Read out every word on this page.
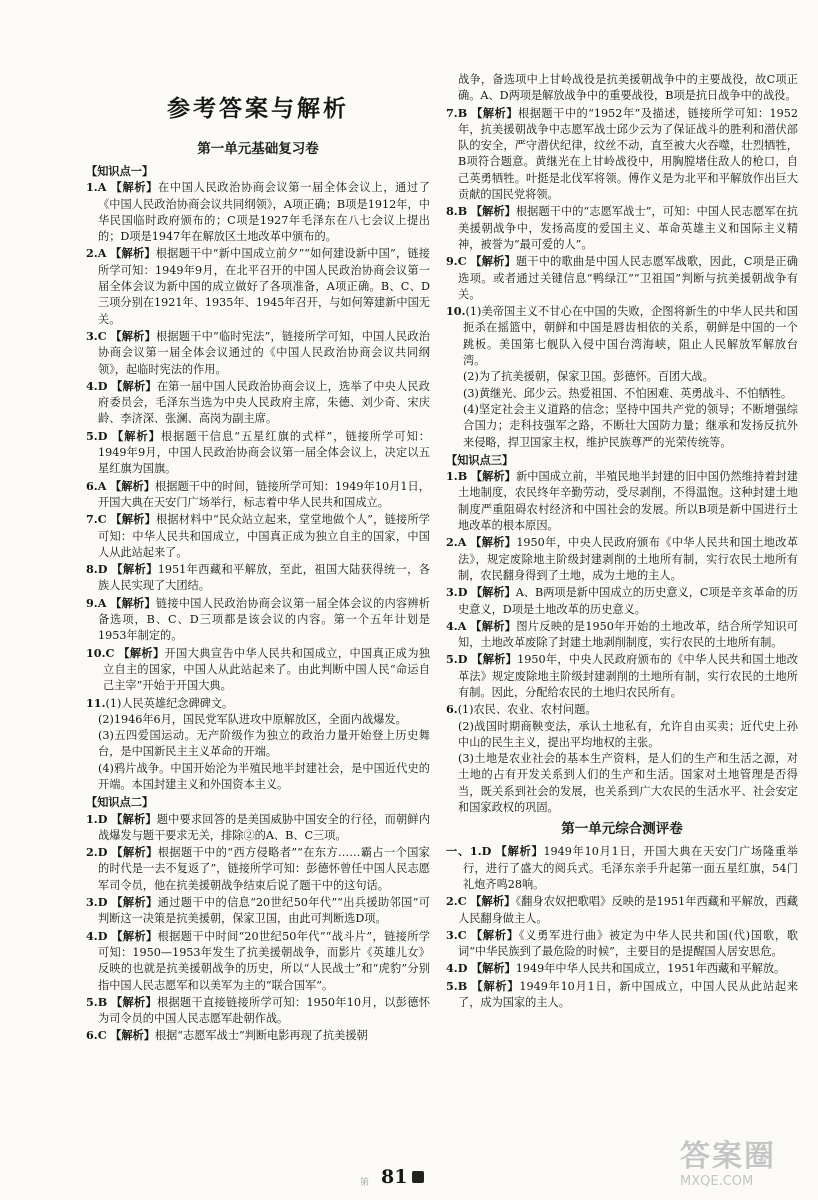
参考答案与解析
第一单元基础复习卷
【知识点一】
1.A 【解析】在中国人民政治协商会议第一届全体会议上，通过了《中国人民政治协商会议共同纲领》，A项正确；B项是1912年，中华民国临时政府颁布的；C项是1927年毛泽东在八七会议上提出的；D项是1947年在解放区土地改革中颁布的。
2.A 【解析】根据题干中“新中国成立前夕”“如何建设新中国”，链接所学可知：1949年9月，在北平召开的中国人民政治协商会议第一届全体会议为新中国的成立做好了各项准备，A项正确。B、C、D三项分别在1921年、1935年、1945年召开，与如何筹建新中国无关。
3.C 【解析】根据题干中“临时宪法”，链接所学可知，中国人民政治协商会议第一届全体会议通过的《中国人民政治协商会议共同纲领》，起临时宪法的作用。
4.D 【解析】在第一届中国人民政治协商会议上，选举了中央人民政府委员会，毛泽东当选为中央人民政府主席，朱德、刘少奇、宋庆龄、李济深、张澜、高岗为副主席。
5.D 【解析】根据题干信息“五星红旗的式样”，链接所学可知：1949年9月，中国人民政治协商会议第一届全体会议上，决定以五星红旗为国旗。
6.A 【解析】根据题干中的时间，链接所学可知：1949年10月1日，开国大典在天安门广场举行，标志着中华人民共和国成立。
7.C 【解析】根据材料中“民众站立起来，堂堂地做个人”，链接所学可知：中华人民共和国成立，中国真正成为独立自主的国家，中国人从此站起来了。
8.D 【解析】1951年西藏和平解放，至此，祖国大陆获得统一，各族人民实现了大团结。
9.A 【解析】链接中国人民政治协商会议第一届全体会议的内容辨析备选项，B、C、D三项都是该会议的内容。第一个五年计划是1953年制定的。
10.C 【解析】开国大典宣告中华人民共和国成立，中国真正成为独立自主的国家，中国人从此站起来了。由此判断中国人民“命运自己主宰”开始于开国大典。
11.(1)人民英雄纪念碑碑文。
(2)1946年6月，国民党军队进攻中原解放区，全面内战爆发。
(3)五四爱国运动。无产阶级作为独立的政治力量开始登上历史舞台，是中国新民主主义革命的开端。
(4)鸦片战争。中国开始沦为半殖民地半封建社会，是中国近代史的开端。本国封建主义和外国资本主义。
【知识点二】
1.D 【解析】题中要求回答的是美国威胁中国安全的行径，而朝鲜内战爆发与题干要求无关，排除②的A、B、C三项。
2.D 【解析】根据题干中的“西方侵略者”“在东方……霸占一个国家的时代是一去不复返了”，链接所学可知：彭德怀曾任中国人民志愿军司令员，他在抗美援朝战争结束后说了题干中的这句话。
3.D 【解析】通过题干中的信息“20世纪50年代”“出兵援助邻国”可判断这一决策是抗美援朝，保家卫国，由此可判断选D项。
4.D 【解析】根据题干中时间“20世纪50年代”“战斗片”，链接所学可知：1950—1953年发生了抗美援朝战争，而影片《英雄儿女》反映的也就是抗美援朝战争的历史，所以“人民战士”和“虎豹”分别指中国人民志愿军和以美军为主的“联合国军”。
5.B 【解析】根据题干直接链接所学可知：1950年10月，以彭德怀为司令员的中国人民志愿军赴朝作战。
6.C 【解析】根据“志愿军战士”判断电影再现了抗美援朝
战争，备选项中上甘岭战役是抗美援朝战争中的主要战役，故C项正确。A、D两项是解放战争中的重要战役，B项是抗日战争中的战役。
7.B 【解析】根据题干中的“1952年”及描述，链接所学可知：1952年，抗美援朝战争中志愿军战士邱少云为了保证战斗的胜利和潜伏部队的安全，严守潜伏纪律，纹丝不动，直至被大火吞噬，壮烈牺牲，B项符合题意。黄继光在上甘岭战役中，用胸膛堵住敌人的枪口，自己英勇牺牲。叶挺是北伐军将领。傅作义是为北平和平解放作出巨大贡献的国民党将领。
8.B 【解析】根据题干中的“志愿军战士”，可知：中国人民志愿军在抗美援朝战争中，发扬高度的爱国主义、革命英雄主义和国际主义精神，被誉为“最可爱的人”。
9.C 【解析】题干中的歌曲是中国人民志愿军战歌，因此，C项是正确选项。或者通过关键信息“鸭绿江”“卫祖国”判断与抗美援朝战争有关。
10.(1)美帝国主义不甘心在中国的失败，企图将新生的中华人民共和国扼杀在摇篮中，朝鲜和中国是唇齿相依的关系，朝鲜是中国的一个跳板。美国第七舰队入侵中国台湾海峡，阻止人民解放军解放台湾。
(2)为了抗美援朝，保家卫国。彭德怀。百团大战。
(3)黄继光、邱少云。热爱祖国、不怕困难、英勇战斗、不怕牺牲。
(4)坚定社会主义道路的信念；坚持中国共产党的领导；不断增强综合国力；走科技强军之路，不断壮大国防力量；继承和发扬反抗外来侵略，捍卫国家主权，维护民族尊严的光荣传统等。
【知识点三】
1.B 【解析】新中国成立前，半殖民地半封建的旧中国仍然维持着封建土地制度，农民终年辛勤劳动，受尽剥削，不得温饱。这种封建土地制度严重阻碍农村经济和中国社会的发展。所以B项是新中国进行土地改革的根本原因。
2.A 【解析】1950年，中央人民政府颁布《中华人民共和国土地改革法》，规定废除地主阶级封建剥削的土地所有制，实行农民土地所有制，农民翻身得到了土地，成为土地的主人。
3.D 【解析】A、B两项是新中国成立的历史意义，C项是辛亥革命的历史意义，D项是土地改革的历史意义。
4.A 【解析】图片反映的是1950年开始的土地改革，结合所学知识可知，土地改革废除了封建土地剥削制度，实行农民的土地所有制。
5.D 【解析】1950年，中央人民政府颁布的《中华人民共和国土地改革法》规定废除地主阶级封建剥削的土地所有制，实行农民的土地所有制。因此，分配给农民的土地归农民所有。
6.(1)农民、农业、农村问题。
(2)战国时期商鞅变法，承认土地私有，允许自由买卖；近代史上孙中山的民生主义，提出平均地权的主张。
(3)土地是农业社会的基本生产资料，是人们的生产和生活之源，对土地的占有开发关系到人们的生产和生活。国家对土地管理是否得当，既关系到社会的发展，也关系到广大农民的生活水平、社会安定和国家政权的巩固。
第一单元综合测评卷
一、1.D 【解析】1949年10月1日，开国大典在天安门广场隆重举行，进行了盛大的阅兵式。毛泽东亲手升起第一面五星红旗，54门礼炮齐鸣28响。
2.C 【解析】《翻身农奴把歌唱》反映的是1951年西藏和平解放，西藏人民翻身做主人。
3.C 【解析】《义勇军进行曲》被定为中华人民共和国(代)国歌，歌词“中华民族到了最危险的时候”，主要目的是提醒国人居安思危。
4.D 【解析】1949年中华人民共和国成立，1951年西藏和平解放。
5.B 【解析】1949年10月1日，新中国成立，中国人民从此站起来了，成为国家的主人。
第 81
答案圈
MXQE.COM
